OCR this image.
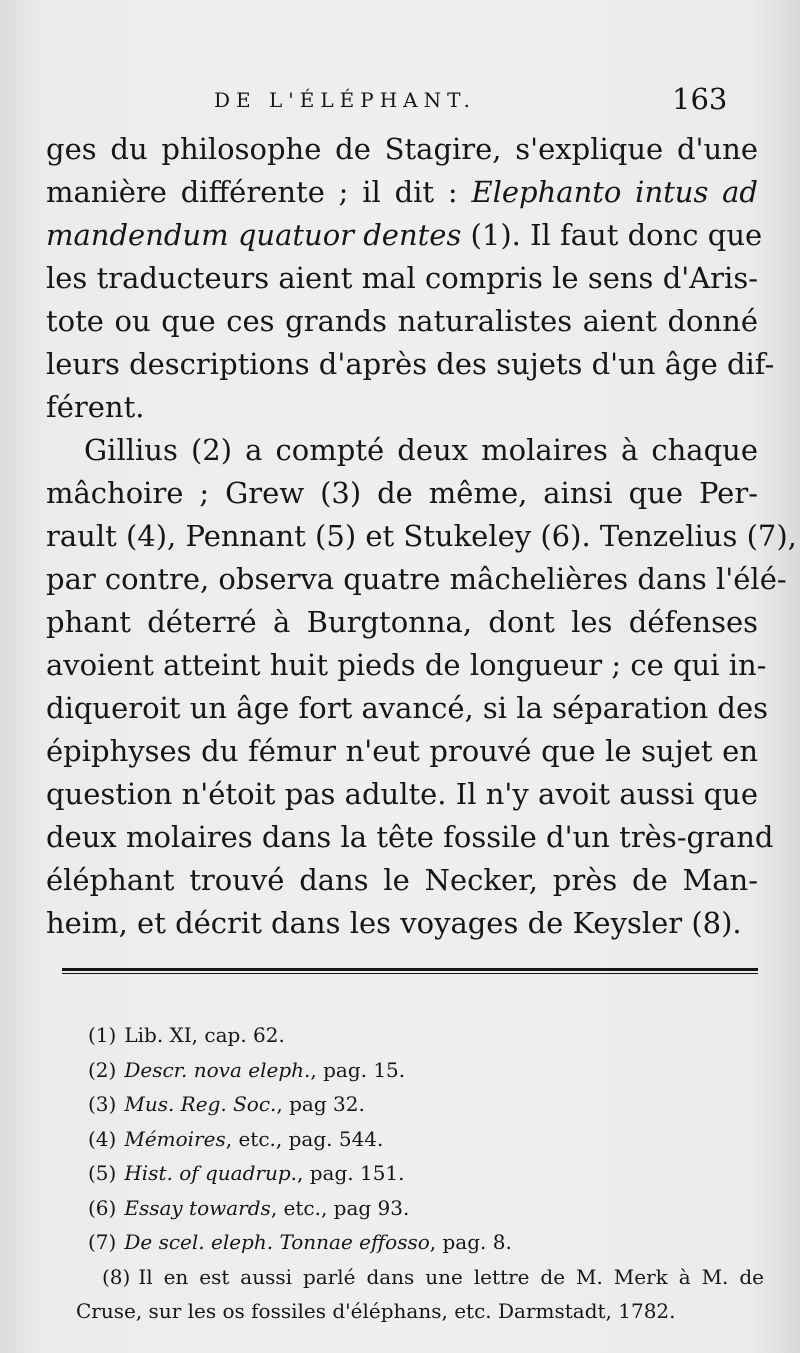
DE L'ÉLÉPHANT.	163
ges du philosophe de Stagire, s'explique d'une
manière différente ; il dit : Elephanto intus ad
mandendum quatuor dentes (1). Il faut donc que
les traducteurs aient mal compris le sens d'Aris-
tote ou que ces grands naturalistes aient donné
leurs descriptions d'après des sujets d'un âge dif-
férent.
Gillius (2) a compté deux molaires à chaque
mâchoire ; Grew (3) de même, ainsi que Per-
rault (4), Pennant (5) et Stukeley (6). Tenzelius (7),
par contre, observa quatre mâchelières dans l'élé-
phant déterré à Burgtonna, dont les défenses
avoient atteint huit pieds de longueur ; ce qui in-
diqueroit un âge fort avancé, si la séparation des
épiphyses du fémur n'eut prouvé que le sujet en
question n'étoit pas adulte. Il n'y avoit aussi que
deux molaires dans la tête fossile d'un très-grand
éléphant trouvé dans le Necker, près de Man-
heim, et décrit dans les voyages de Keysler (8).
(1) Lib. XI, cap. 62.
(2) Descr. nova eleph., pag. 15.
(3) Mus. Reg. Soc., pag 32.
(4) Mémoires, etc., pag. 544.
(5) Hist. of quadrup., pag. 151.
(6) Essay towards, etc., pag 93.
(7) De scel. eleph. Tonnae effosso, pag. 8.
(8) Il en est aussi parlé dans une lettre de M. Merk à M. de
Cruse, sur les os fossiles d'éléphans, etc. Darmstadt, 1782.
